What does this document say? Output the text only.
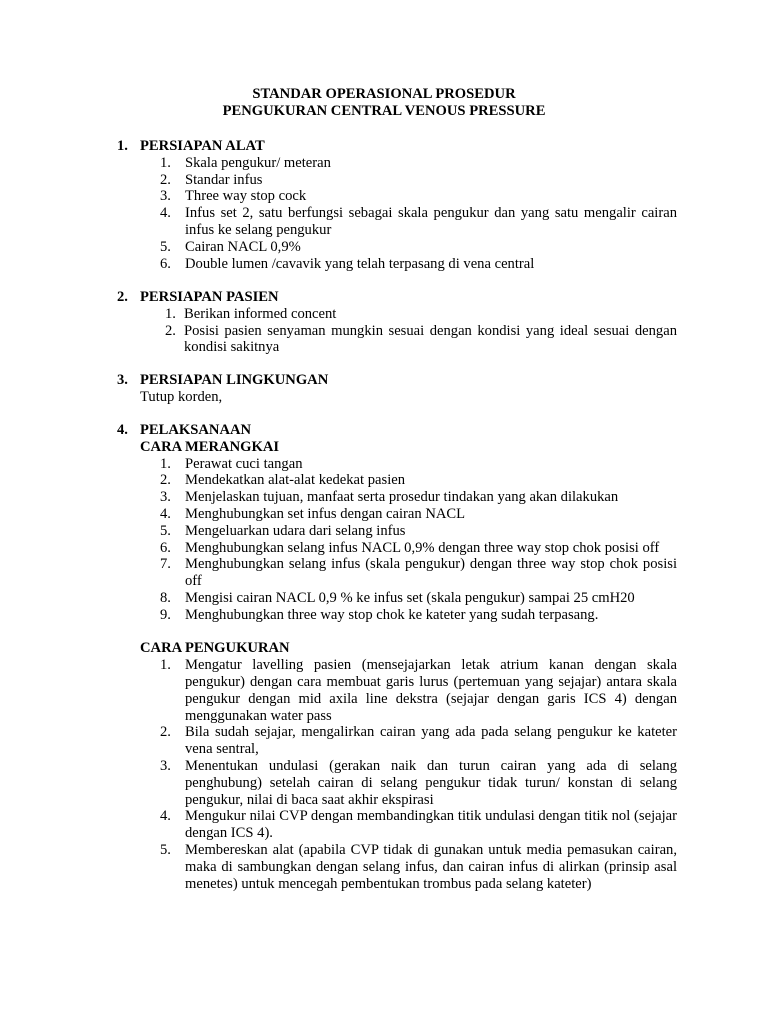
STANDAR OPERASIONAL PROSEDUR
PENGUKURAN CENTRAL VENOUS PRESSURE
1. PERSIAPAN ALAT
1. Skala pengukur/ meteran
2. Standar infus
3. Three way stop cock
4. Infus set 2, satu berfungsi sebagai skala pengukur dan yang satu mengalir cairan infus ke selang pengukur
5. Cairan NACL 0,9%
6. Double lumen /cavavik yang telah terpasang di vena central
2. PERSIAPAN PASIEN
1. Berikan informed concent
2. Posisi pasien senyaman mungkin sesuai dengan kondisi yang ideal sesuai dengan kondisi sakitnya
3. PERSIAPAN LINGKUNGAN
Tutup korden,
4. PELAKSANAAN
CARA MERANGKAI
1. Perawat cuci tangan
2. Mendekatkan alat-alat kedekat pasien
3. Menjelaskan tujuan, manfaat serta prosedur tindakan yang akan dilakukan
4. Menghubungkan set infus dengan cairan NACL
5. Mengeluarkan udara dari selang infus
6. Menghubungkan selang infus NACL 0,9% dengan three way stop chok posisi off
7. Menghubungkan selang infus (skala pengukur) dengan three way stop chok posisi off
8. Mengisi cairan NACL 0,9 % ke infus set (skala pengukur) sampai 25 cmH20
9. Menghubungkan three way stop chok ke kateter yang sudah terpasang.
CARA PENGUKURAN
1. Mengatur lavelling pasien (mensejajarkan letak atrium kanan dengan skala pengukur) dengan cara membuat garis lurus (pertemuan yang sejajar) antara skala pengukur dengan mid axila line dekstra (sejajar dengan garis ICS 4) dengan menggunakan water pass
2. Bila sudah sejajar, mengalirkan cairan yang ada pada selang pengukur ke kateter vena sentral,
3. Menentukan undulasi (gerakan naik dan turun cairan yang ada di selang penghubung) setelah cairan di selang pengukur tidak turun/ konstan di selang pengukur, nilai di baca saat akhir ekspirasi
4. Mengukur nilai CVP dengan membandingkan titik undulasi dengan titik nol (sejajar dengan ICS 4).
5. Membereskan alat (apabila CVP tidak di gunakan untuk media pemasukan cairan, maka di sambungkan dengan selang infus, dan cairan infus di alirkan (prinsip asal menetes) untuk mencegah pembentukan trombus pada selang kateter)
